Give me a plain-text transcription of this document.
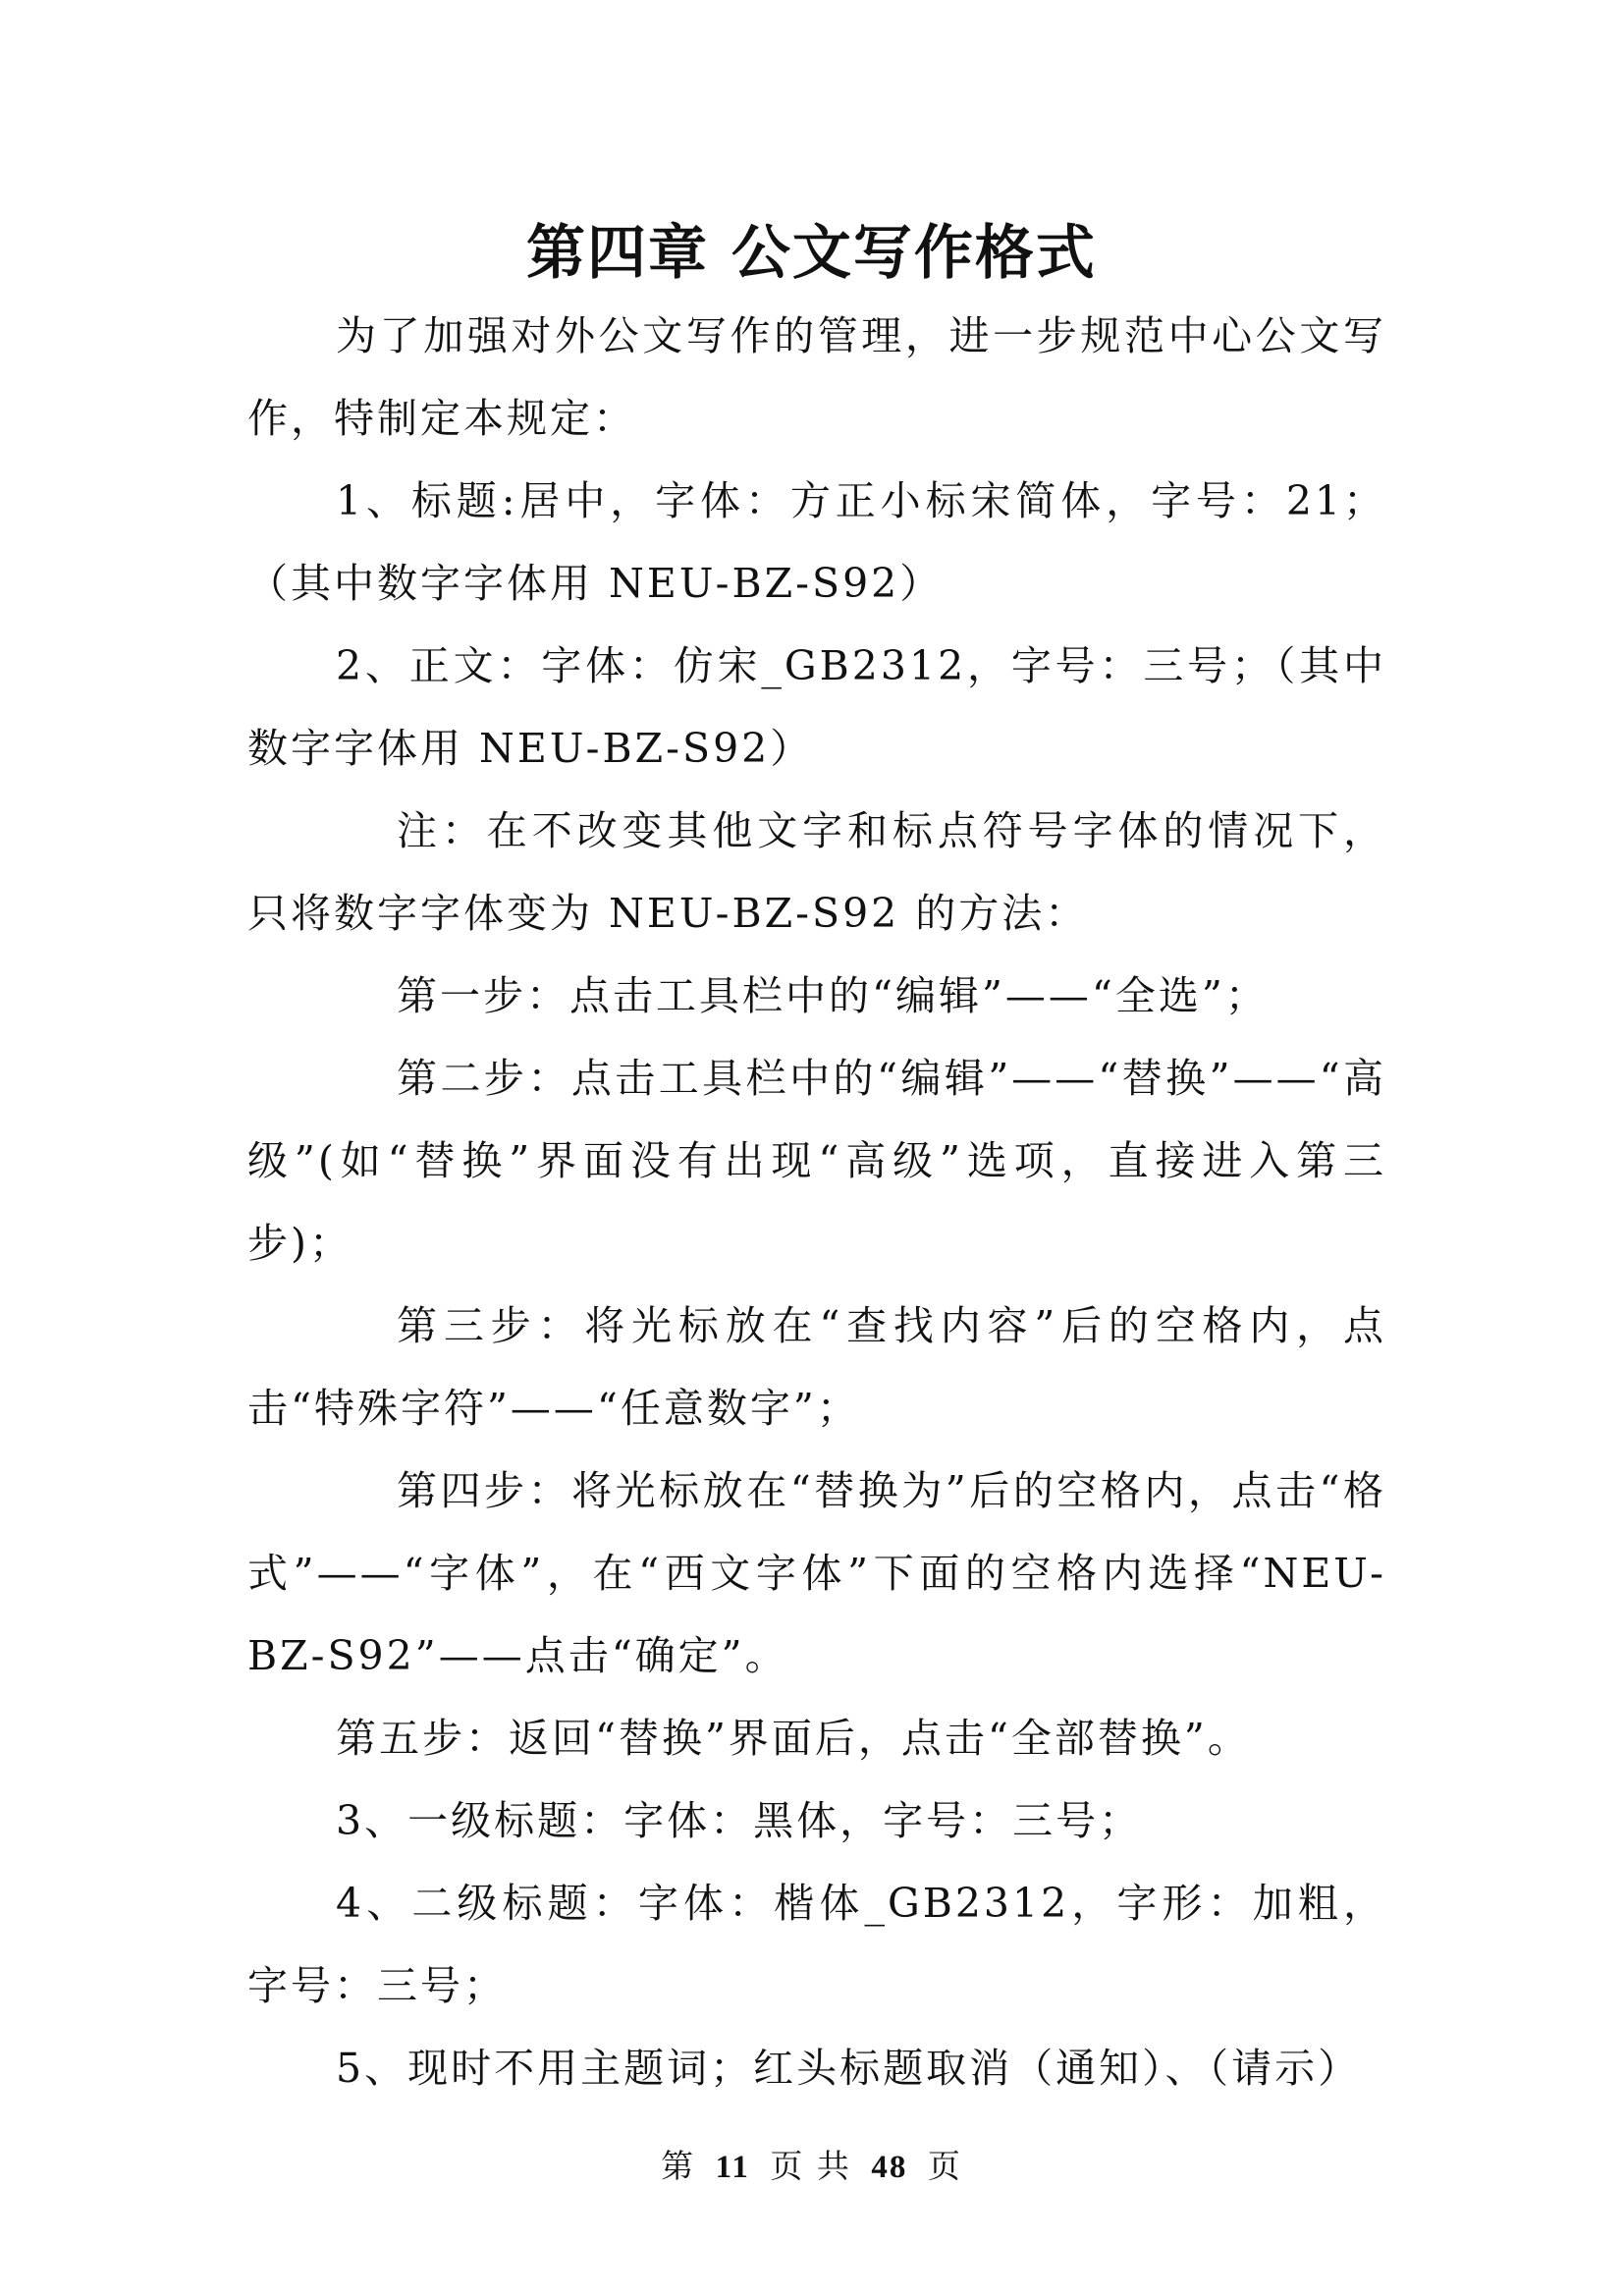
第四章 公文写作格式

为了加强对外公文写作的管理，进一步规范中心公文写作，特制定本规定：

1、标题:居中，字体：方正小标宋简体，字号：21；（其中数字字体用 NEU-BZ-S92）

2、正文：字体：仿宋_GB2312，字号：三号；（其中数字字体用 NEU-BZ-S92）

注：在不改变其他文字和标点符号字体的情况下，只将数字字体变为 NEU-BZ-S92 的方法：

第一步：点击工具栏中的“编辑”——“全选”；

第二步：点击工具栏中的“编辑”——“替换”——“高级”(如“替换”界面没有出现“高级”选项，直接进入第三步)；

第三步：将光标放在“查找内容”后的空格内，点击“特殊字符”——“任意数字”；

第四步：将光标放在“替换为”后的空格内，点击“格式”——“字体”，在“西文字体”下面的空格内选择“NEU-BZ-S92”——点击“确定”。

第五步：返回“替换”界面后，点击“全部替换”。

3、一级标题：字体：黑体，字号：三号；

4、二级标题：字体：楷体_GB2312，字形：加粗，字号：三号；

5、现时不用主题词；红头标题取消（通知）、（请示）

第 11 页 共 48 页
